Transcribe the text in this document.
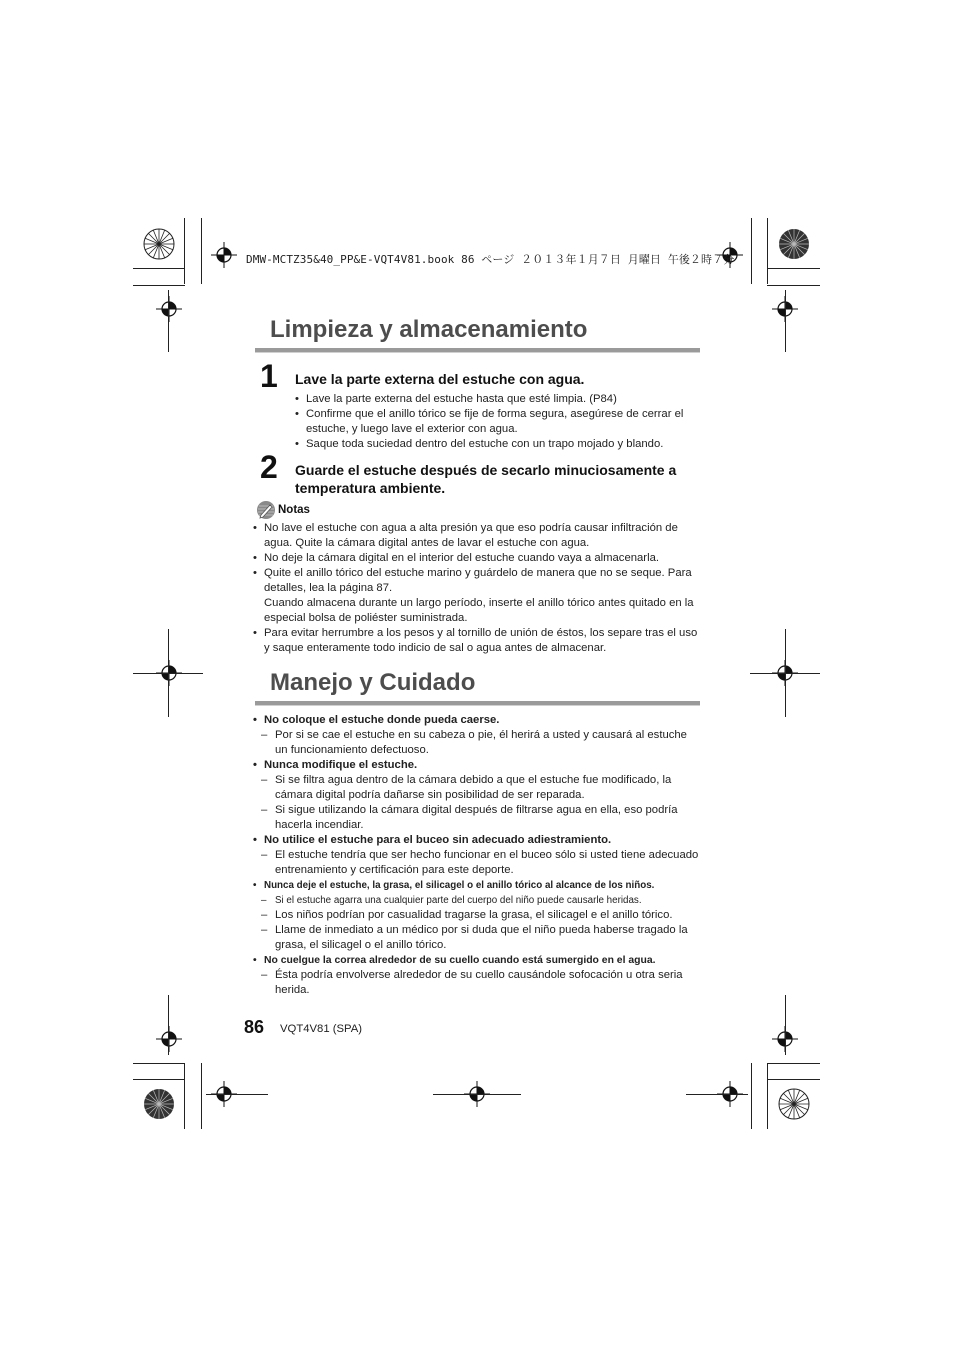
DMW-MCTZ35&40_PP&E-VQT4V81.book 86 ページ ２０１３年１月７日 月曜日 午後２時７分
Limpieza y almacenamiento
1 Lave la parte externa del estuche con agua.
• Lave la parte externa del estuche hasta que esté limpia. (P84)
• Confirme que el anillo tórico se fije de forma segura, asegúrese de cerrar el estuche, y luego lave el exterior con agua.
• Saque toda suciedad dentro del estuche con un trapo mojado y blando.
2 Guarde el estuche después de secarlo minuciosamente a temperatura ambiente.
Notas
• No lave el estuche con agua a alta presión ya que eso podría causar infiltración de agua. Quite la cámara digital antes de lavar el estuche con agua.
• No deje la cámara digital en el interior del estuche cuando vaya a almacenarla.
• Quite el anillo tórico del estuche marino y guárdelo de manera que no se seque. Para detalles, lea la página 87.
Cuando almacena durante un largo período, inserte el anillo tórico antes quitado en la especial bolsa de poliéster suministrada.
• Para evitar herrumbre a los pesos y al tornillo de unión de éstos, los separe tras el uso y saque enteramente todo indicio de sal o agua antes de almacenar.
Manejo y Cuidado
• No coloque el estuche donde pueda caerse.
– Por si se cae el estuche en su cabeza o pie, él herirá a usted y causará al estuche un funcionamiento defectuoso.
• Nunca modifique el estuche.
– Si se filtra agua dentro de la cámara debido a que el estuche fue modificado, la cámara digital podría dañarse sin posibilidad de ser reparada.
– Si sigue utilizando la cámara digital después de filtrarse agua en ella, eso podría hacerla incendiar.
• No utilice el estuche para el buceo sin adecuado adiestramiento.
– El estuche tendría que ser hecho funcionar en el buceo sólo si usted tiene adecuado entrenamiento y certificación para este deporte.
• Nunca deje el estuche, la grasa, el silicagel o el anillo tórico al alcance de los niños.
– Si el estuche agarra una cualquier parte del cuerpo del niño puede causarle heridas.
– Los niños podrían por casualidad tragarse la grasa, el silicagel e el anillo tórico.
– Llame de inmediato a un médico por si duda que el niño pueda haberse tragado la grasa, el silicagel o el anillo tórico.
• No cuelgue la correa alrededor de su cuello cuando está sumergido en el agua.
– Ésta podría envolverse alrededor de su cuello causándole sofocación u otra seria herida.
86 VQT4V81 (SPA)
